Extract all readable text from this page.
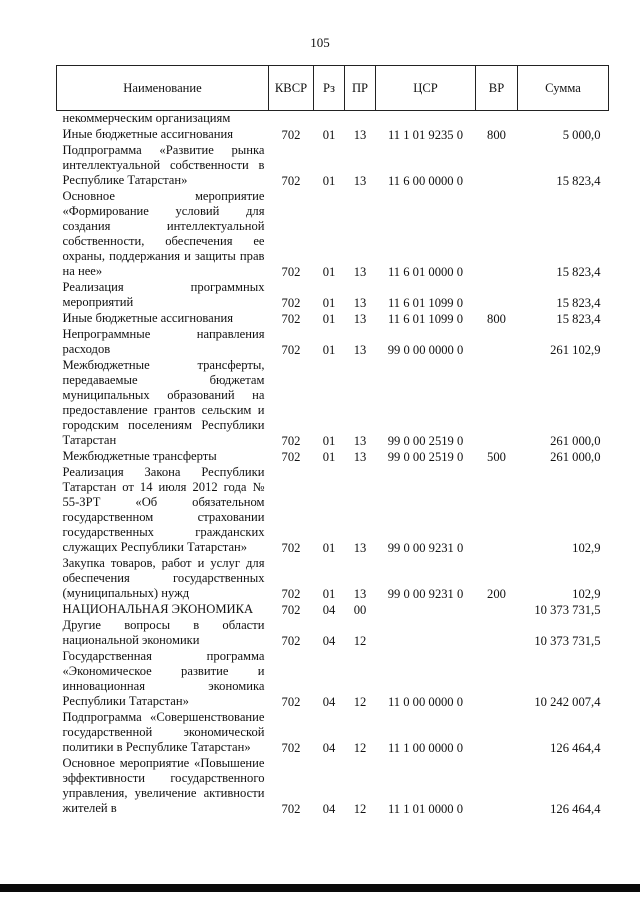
105
Наименование	КВСР	Рз	ПР	ЦСР	ВР	Сумма
некоммерческим организациям						
Иные бюджетные ассигнования	702	01	13	11 1 01 9235 0	800	5 000,0
Подпрограмма «Развитие рынка интеллектуальной собственности в Республике Татарстан»	702	01	13	11 6 00 0000 0		15 823,4
Основное мероприятие «Формирование условий для создания интеллектуальной собственности, обеспечения ее охраны, поддержания и защиты прав на нее»	702	01	13	11 6 01 0000 0		15 823,4
Реализация программных мероприятий	702	01	13	11 6 01 1099 0		15 823,4
Иные бюджетные ассигнования	702	01	13	11 6 01 1099 0	800	15 823,4
Непрограммные направления расходов	702	01	13	99 0 00 0000 0		261 102,9
Межбюджетные трансферты, передаваемые бюджетам муниципальных образований на предоставление грантов сельским и городским поселениям Республики Татарстан	702	01	13	99 0 00 2519 0		261 000,0
Межбюджетные трансферты	702	01	13	99 0 00 2519 0	500	261 000,0
Реализация Закона Республики Татарстан от 14 июля 2012 года № 55-ЗРТ «Об обязательном государственном страховании государственных гражданских служащих Республики Татарстан»	702	01	13	99 0 00 9231 0		102,9
Закупка товаров, работ и услуг для обеспечения государственных (муниципальных) нужд	702	01	13	99 0 00 9231 0	200	102,9
НАЦИОНАЛЬНАЯ ЭКОНОМИКА	702	04	00			10 373 731,5
Другие вопросы в области национальной экономики	702	04	12			10 373 731,5
Государственная программа «Экономическое развитие и инновационная экономика Республики Татарстан»	702	04	12	11 0 00 0000 0		10 242 007,4
Подпрограмма «Совершенствование государственной экономической политики в Республике Татарстан»	702	04	12	11 1 00 0000 0		126 464,4
Основное мероприятие «Повышение эффективности государственного управления, увеличение активности жителей в	702	04	12	11 1 01 0000 0		126 464,4
